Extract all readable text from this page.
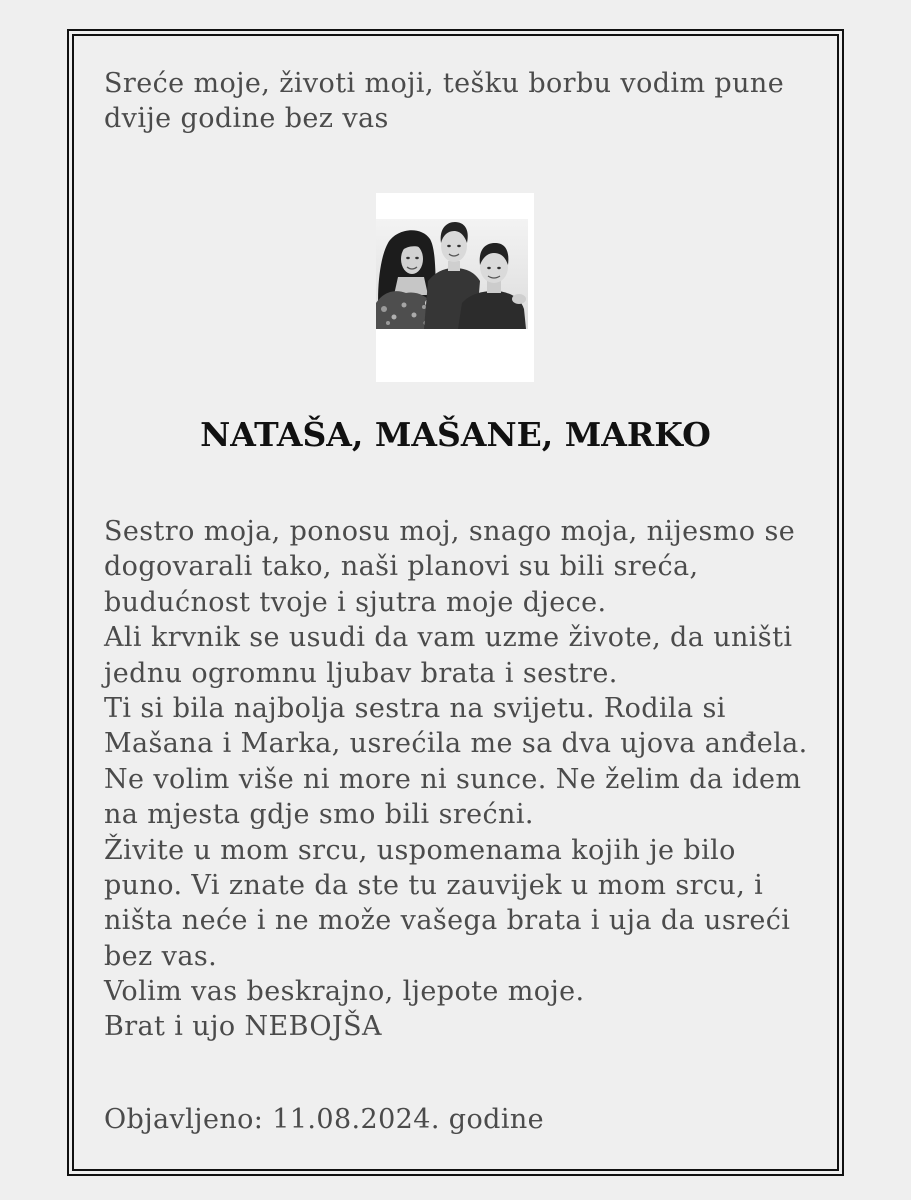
Sreće moje, životi moji, tešku borbu vodim pune
dvije godine bez vas
NATAŠA, MAŠANE, MARKO

Sestro moja, ponosu moj, snago moja, nijesmo se
dogovarali tako, naši planovi su bili sreća,
budućnost tvoje i sjutra moje djece.

Ali krvnik se usudi da vam uzme živote, da uništi
jednu ogromnu ljubav brata i sestre.

Ti si bila najbolja sestra na svijetu. Rodila si
Mašana i Marka, usrećila me sa dva ujova anđela.

Ne volim više ni more ni sunce. Ne želim da idem
na mjesta gdje smo bili srećni.

Živite u mom srcu, uspomenama kojih je bilo
puno. Vi znate da ste tu zauvijek u mom srcu, i
ništa neće i ne može vašega brata i uja da usreći
bez vas.

Volim vas beskrajno, ljepote moje.

Brat i ujo NEBOJŠA

Objavljeno: 11.08.2024. godine
